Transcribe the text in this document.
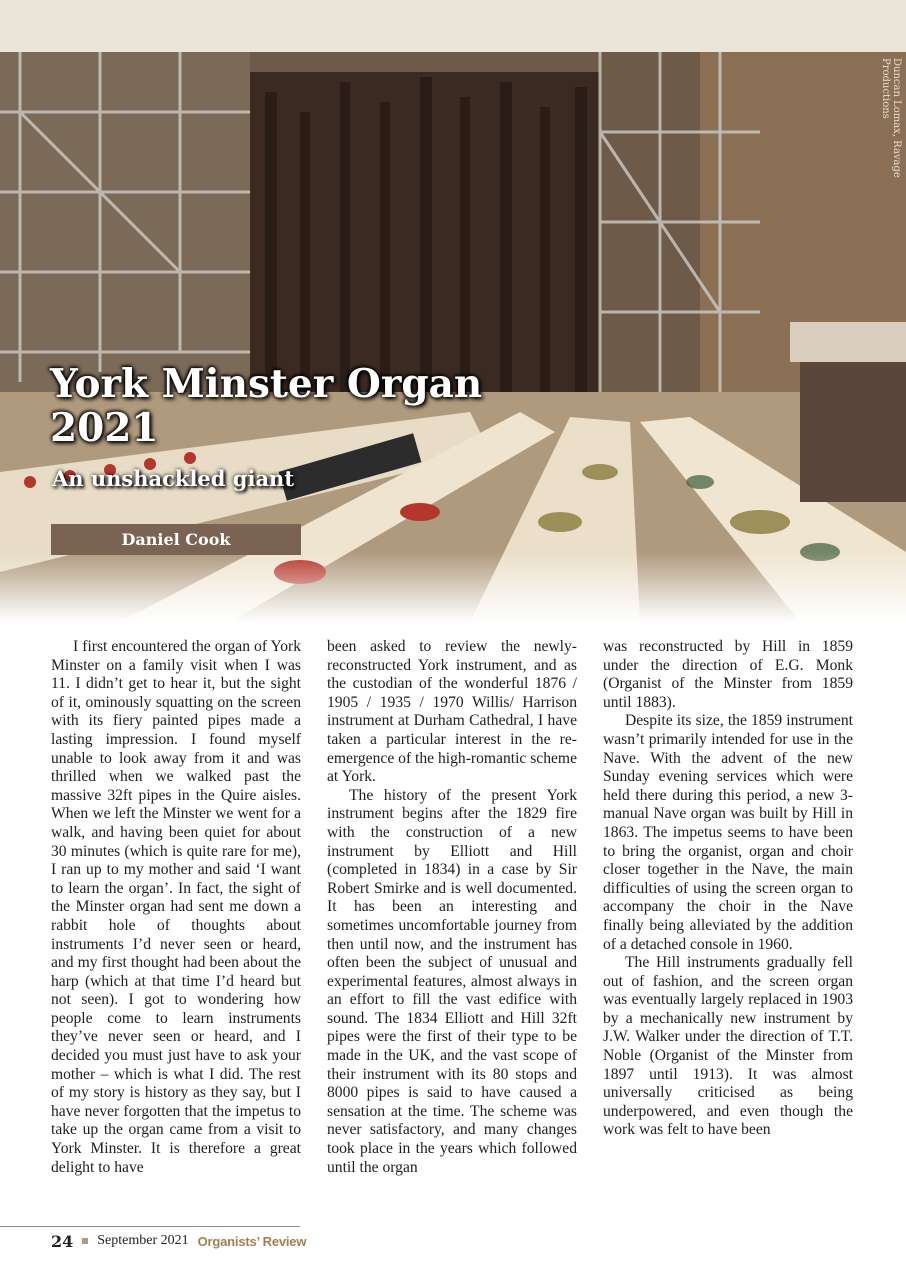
Duncan Lomax, Ravage Productions
York Minster Organ 2021
An unshackled giant
Daniel Cook

I first encountered the organ of York Minster on a family visit when I was 11. I didn’t get to hear it, but the sight of it, ominously squatting on the screen with its fiery painted pipes made a lasting impression. I found myself unable to look away from it and was thrilled when we walked past the massive 32ft pipes in the Quire aisles. When we left the Minster we went for a walk, and having been quiet for about 30 minutes (which is quite rare for me), I ran up to my mother and said ‘I want to learn the organ’. In fact, the sight of the Minster organ had sent me down a rabbit hole of thoughts about instruments I’d never seen or heard, and my first thought had been about the harp (which at that time I’d heard but not seen). I got to wondering how people come to learn instruments they’ve never seen or heard, and I decided you must just have to ask your mother – which is what I did. The rest of my story is history as they say, but I have never forgotten that the impetus to take up the organ came from a visit to York Minster. It is therefore a great delight to have

been asked to review the newly-reconstructed York instrument, and as the custodian of the wonderful 1876 / 1905 / 1935 / 1970 Willis/ Harrison instrument at Durham Cathedral, I have taken a particular interest in the re-emergence of the high-romantic scheme at York.

The history of the present York instrument begins after the 1829 fire with the construction of a new instrument by Elliott and Hill (completed in 1834) in a case by Sir Robert Smirke and is well documented. It has been an interesting and sometimes uncomfortable journey from then until now, and the instrument has often been the subject of unusual and experimental features, almost always in an effort to fill the vast edifice with sound. The 1834 Elliott and Hill 32ft pipes were the first of their type to be made in the UK, and the vast scope of their instrument with its 80 stops and 8000 pipes is said to have caused a sensation at the time. The scheme was never satisfactory, and many changes took place in the years which followed until the organ

was reconstructed by Hill in 1859 under the direction of E.G. Monk (Organist of the Minster from 1859 until 1883).

Despite its size, the 1859 instrument wasn’t primarily intended for use in the Nave. With the advent of the new Sunday evening services which were held there during this period, a new 3-manual Nave organ was built by Hill in 1863. The impetus seems to have been to bring the organist, organ and choir closer together in the Nave, the main difficulties of using the screen organ to accompany the choir in the Nave finally being alleviated by the addition of a detached console in 1960.

The Hill instruments gradually fell out of fashion, and the screen organ was eventually largely replaced in 1903 by a mechanically new instrument by J.W. Walker under the direction of T.T. Noble (Organist of the Minster from 1897 until 1913). It was almost universally criticised as being underpowered, and even though the work was felt to have been

24 September 2021 Organists’ Review
